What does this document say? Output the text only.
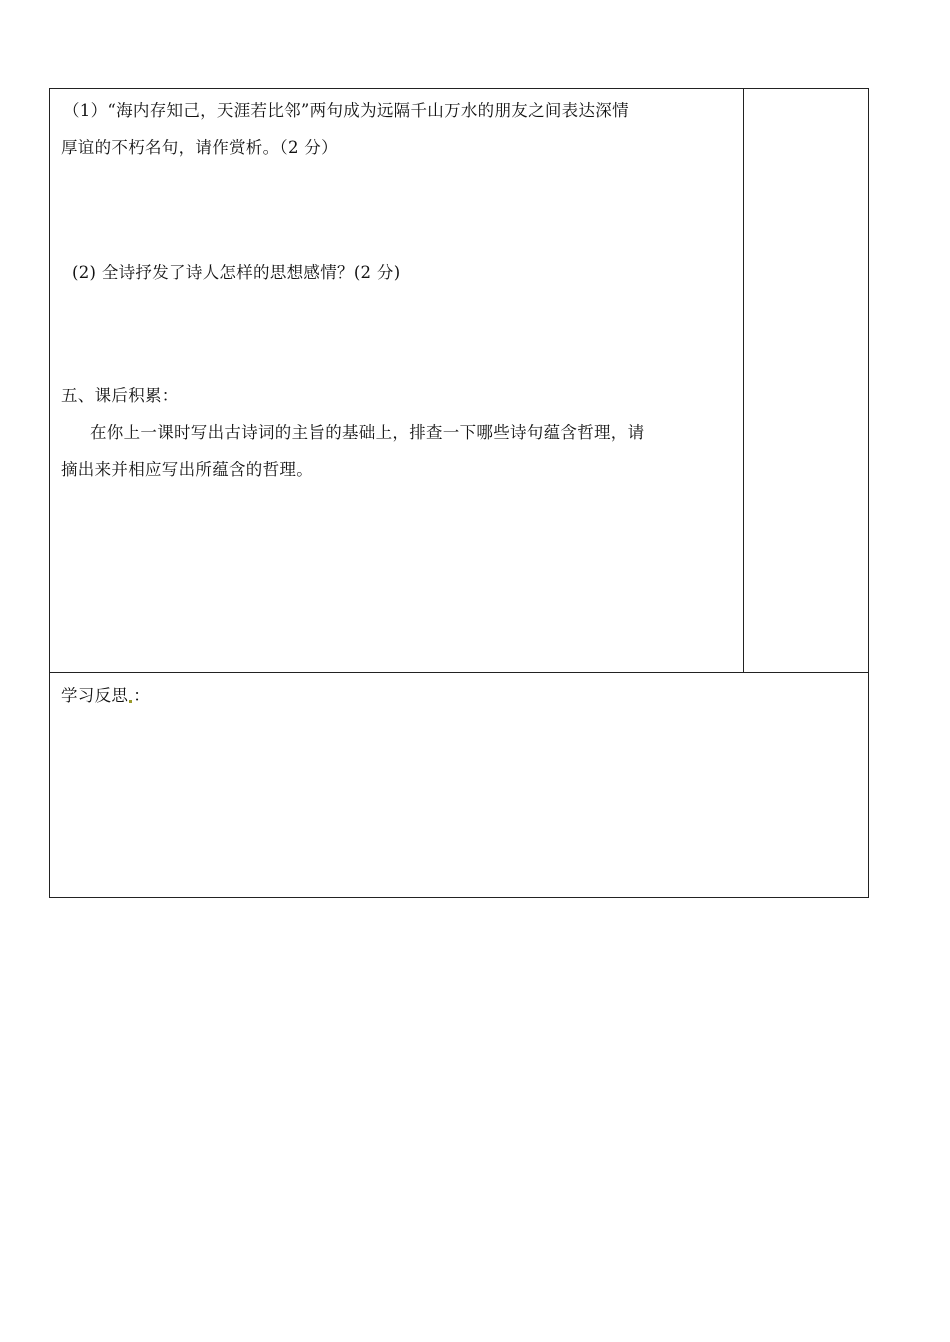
（1）“海内存知己，天涯若比邻”两句成为远隔千山万水的朋友之间表达深情
厚谊的不朽名句，请作赏析。（2 分）
(2) 全诗抒发了诗人怎样的思想感情？(2 分)
五、课后积累：
在你上一课时写出古诗词的主旨的基础上，排查一下哪些诗句蕴含哲理，请
摘出来并相应写出所蕴含的哲理。
学习反思 ：
